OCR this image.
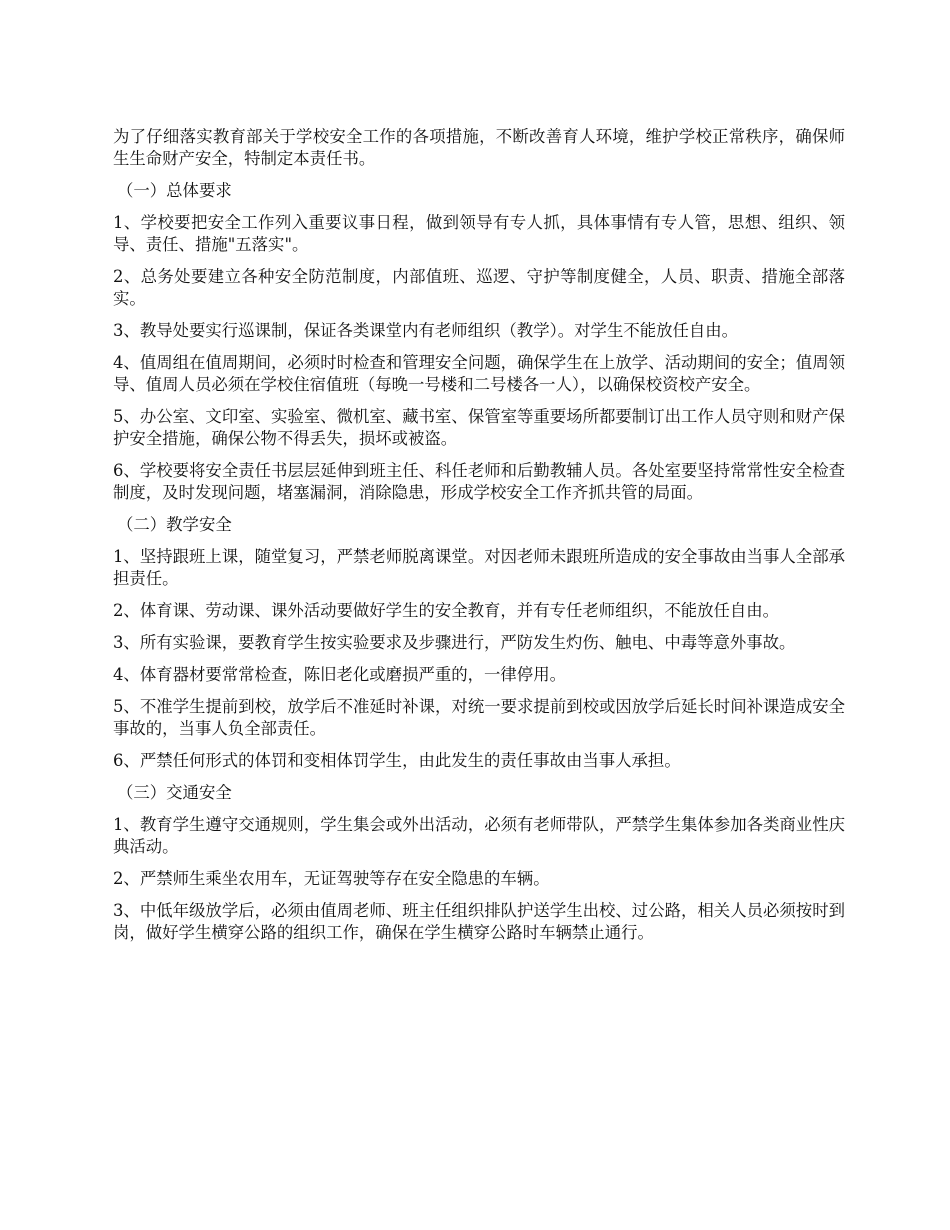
为了仔细落实教育部关于学校安全工作的各项措施，不断改善育人环境，维护学校正常秩序，确保师生生命财产安全，特制定本责任书。

（一）总体要求

1、学校要把安全工作列入重要议事日程，做到领导有专人抓，具体事情有专人管，思想、组织、领导、责任、措施"五落实"。

2、总务处要建立各种安全防范制度，内部值班、巡逻、守护等制度健全，人员、职责、措施全部落实。

3、教导处要实行巡课制，保证各类课堂内有老师组织（教学）。对学生不能放任自由。

4、值周组在值周期间，必须时时检查和管理安全问题，确保学生在上放学、活动期间的安全；值周领导、值周人员必须在学校住宿值班（每晚一号楼和二号楼各一人），以确保校资校产安全。

5、办公室、文印室、实验室、微机室、藏书室、保管室等重要场所都要制订出工作人员守则和财产保护安全措施，确保公物不得丢失，损坏或被盗。

6、学校要将安全责任书层层延伸到班主任、科任老师和后勤教辅人员。各处室要坚持常常性安全检查制度，及时发现问题，堵塞漏洞，消除隐患，形成学校安全工作齐抓共管的局面。

（二）教学安全

1、坚持跟班上课，随堂复习，严禁老师脱离课堂。对因老师未跟班所造成的安全事故由当事人全部承担责任。

2、体育课、劳动课、课外活动要做好学生的安全教育，并有专任老师组织，不能放任自由。

3、所有实验课，要教育学生按实验要求及步骤进行，严防发生灼伤、触电、中毒等意外事故。

4、体育器材要常常检查，陈旧老化或磨损严重的，一律停用。

5、不准学生提前到校，放学后不准延时补课，对统一要求提前到校或因放学后延长时间补课造成安全事故的，当事人负全部责任。

6、严禁任何形式的体罚和变相体罚学生，由此发生的责任事故由当事人承担。

（三）交通安全

1、教育学生遵守交通规则，学生集会或外出活动，必须有老师带队，严禁学生集体参加各类商业性庆典活动。

2、严禁师生乘坐农用车，无证驾驶等存在安全隐患的车辆。

3、中低年级放学后，必须由值周老师、班主任组织排队护送学生出校、过公路，相关人员必须按时到岗，做好学生横穿公路的组织工作，确保在学生横穿公路时车辆禁止通行。
